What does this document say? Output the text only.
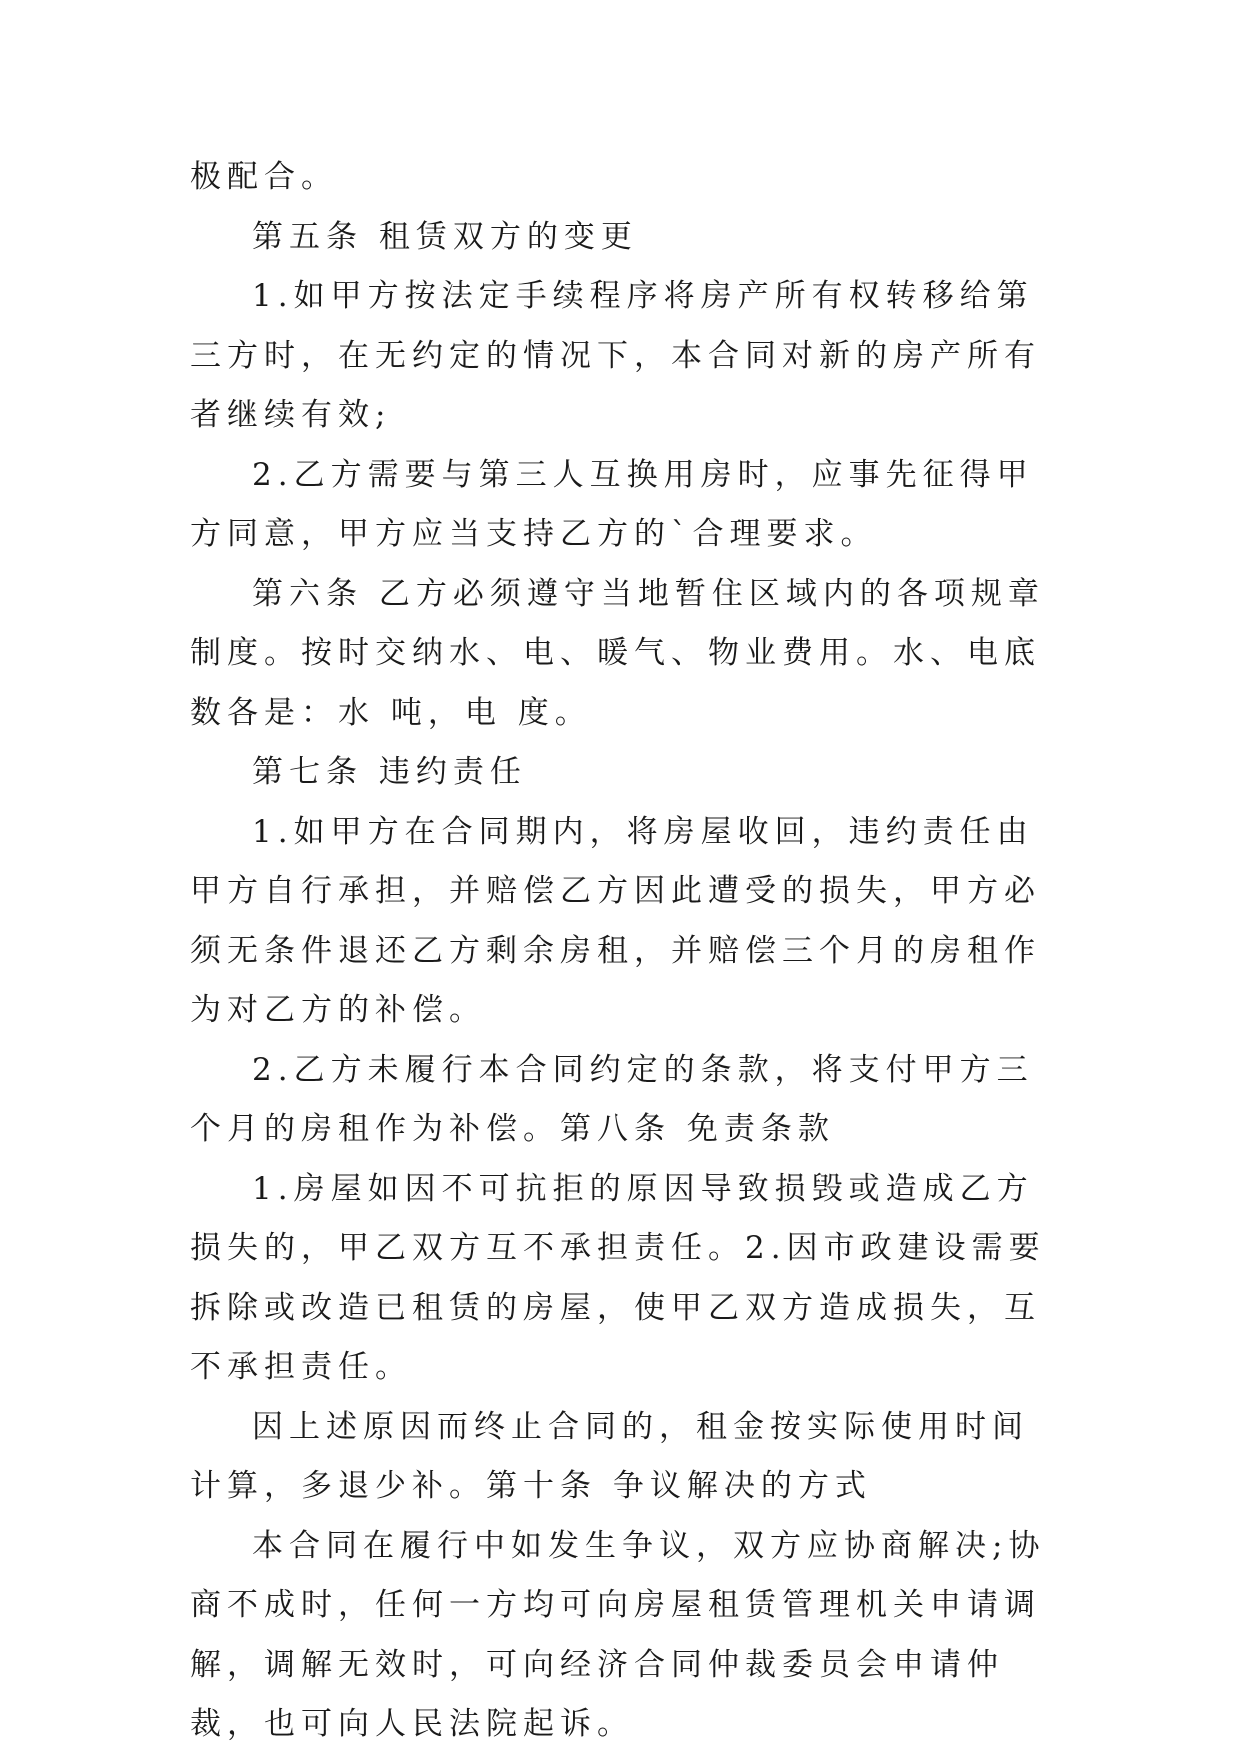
极配合。

第五条 租赁双方的变更

1.如甲方按法定手续程序将房产所有权转移给第三方时，在无约定的情况下，本合同对新的房产所有者继续有效;

2.乙方需要与第三人互换用房时，应事先征得甲方同意，甲方应当支持乙方的`合理要求。

第六条 乙方必须遵守当地暂住区域内的各项规章制度。按时交纳水、电、暖气、物业费用。水、电底数各是：水 吨，电 度。

第七条 违约责任

1.如甲方在合同期内，将房屋收回，违约责任由甲方自行承担，并赔偿乙方因此遭受的损失，甲方必须无条件退还乙方剩余房租，并赔偿三个月的房租作为对乙方的补偿。

2.乙方未履行本合同约定的条款，将支付甲方三个月的房租作为补偿。第八条 免责条款

1.房屋如因不可抗拒的原因导致损毁或造成乙方损失的，甲乙双方互不承担责任。2.因市政建设需要拆除或改造已租赁的房屋，使甲乙双方造成损失，互不承担责任。

因上述原因而终止合同的，租金按实际使用时间计算，多退少补。第十条 争议解决的方式

本合同在履行中如发生争议，双方应协商解决;协商不成时，任何一方均可向房屋租赁管理机关申请调解，调解无效时，可向经济合同仲裁委员会申请仲裁，也可向人民法院起诉。
